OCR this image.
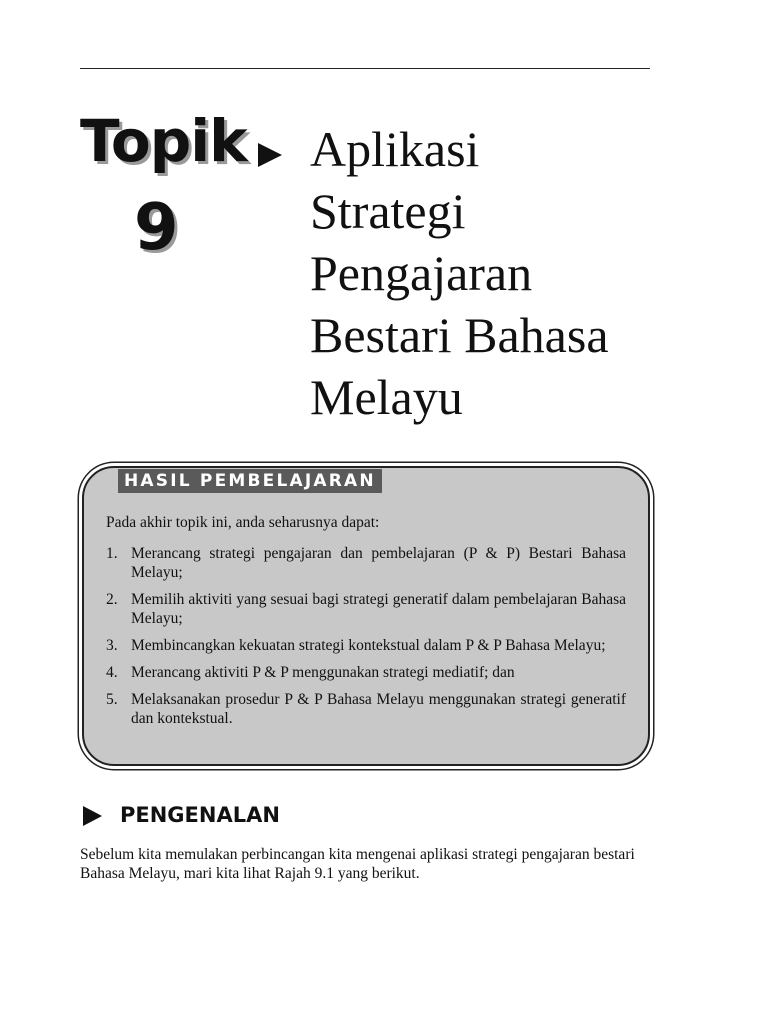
Topik
9
Aplikasi
Strategi
Pengajaran
Bestari Bahasa
Melayu
HASIL PEMBELAJARAN
Pada akhir topik ini, anda seharusnya dapat:
1. Merancang strategi pengajaran dan pembelajaran (P & P) Bestari Bahasa Melayu;
2. Memilih aktiviti yang sesuai bagi strategi generatif dalam pembelajaran Bahasa Melayu;
3. Membincangkan kekuatan strategi kontekstual dalam P & P Bahasa Melayu;
4. Merancang aktiviti P & P menggunakan strategi mediatif; dan
5. Melaksanakan prosedur P & P Bahasa Melayu menggunakan strategi generatif dan kontekstual.
PENGENALAN

Sebelum kita memulakan perbincangan kita mengenai aplikasi strategi pengajaran bestari Bahasa Melayu, mari kita lihat Rajah 9.1 yang berikut.
